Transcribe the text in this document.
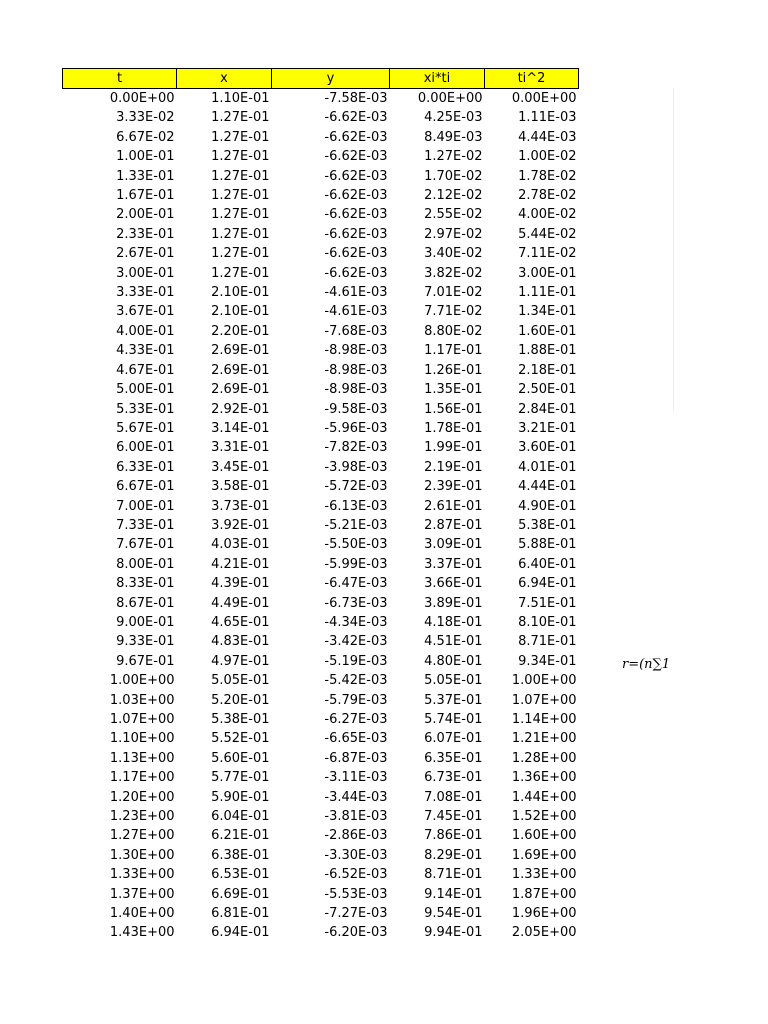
t	x	y	xi*ti	ti^2
0.00E+00	1.10E-01	-7.58E-03	0.00E+00	0.00E+00
3.33E-02	1.27E-01	-6.62E-03	4.25E-03	1.11E-03
6.67E-02	1.27E-01	-6.62E-03	8.49E-03	4.44E-03
1.00E-01	1.27E-01	-6.62E-03	1.27E-02	1.00E-02
1.33E-01	1.27E-01	-6.62E-03	1.70E-02	1.78E-02
1.67E-01	1.27E-01	-6.62E-03	2.12E-02	2.78E-02
2.00E-01	1.27E-01	-6.62E-03	2.55E-02	4.00E-02
2.33E-01	1.27E-01	-6.62E-03	2.97E-02	5.44E-02
2.67E-01	1.27E-01	-6.62E-03	3.40E-02	7.11E-02
3.00E-01	1.27E-01	-6.62E-03	3.82E-02	3.00E-01
3.33E-01	2.10E-01	-4.61E-03	7.01E-02	1.11E-01
3.67E-01	2.10E-01	-4.61E-03	7.71E-02	1.34E-01
4.00E-01	2.20E-01	-7.68E-03	8.80E-02	1.60E-01
4.33E-01	2.69E-01	-8.98E-03	1.17E-01	1.88E-01
4.67E-01	2.69E-01	-8.98E-03	1.26E-01	2.18E-01
5.00E-01	2.69E-01	-8.98E-03	1.35E-01	2.50E-01
5.33E-01	2.92E-01	-9.58E-03	1.56E-01	2.84E-01
5.67E-01	3.14E-01	-5.96E-03	1.78E-01	3.21E-01
6.00E-01	3.31E-01	-7.82E-03	1.99E-01	3.60E-01
6.33E-01	3.45E-01	-3.98E-03	2.19E-01	4.01E-01
6.67E-01	3.58E-01	-5.72E-03	2.39E-01	4.44E-01
7.00E-01	3.73E-01	-6.13E-03	2.61E-01	4.90E-01
7.33E-01	3.92E-01	-5.21E-03	2.87E-01	5.38E-01
7.67E-01	4.03E-01	-5.50E-03	3.09E-01	5.88E-01
8.00E-01	4.21E-01	-5.99E-03	3.37E-01	6.40E-01
8.33E-01	4.39E-01	-6.47E-03	3.66E-01	6.94E-01
8.67E-01	4.49E-01	-6.73E-03	3.89E-01	7.51E-01
9.00E-01	4.65E-01	-4.34E-03	4.18E-01	8.10E-01
9.33E-01	4.83E-01	-3.42E-03	4.51E-01	8.71E-01
9.67E-01	4.97E-01	-5.19E-03	4.80E-01	9.34E-01
1.00E+00	5.05E-01	-5.42E-03	5.05E-01	1.00E+00
1.03E+00	5.20E-01	-5.79E-03	5.37E-01	1.07E+00
1.07E+00	5.38E-01	-6.27E-03	5.74E-01	1.14E+00
1.10E+00	5.52E-01	-6.65E-03	6.07E-01	1.21E+00
1.13E+00	5.60E-01	-6.87E-03	6.35E-01	1.28E+00
1.17E+00	5.77E-01	-3.11E-03	6.73E-01	1.36E+00
1.20E+00	5.90E-01	-3.44E-03	7.08E-01	1.44E+00
1.23E+00	6.04E-01	-3.81E-03	7.45E-01	1.52E+00
1.27E+00	6.21E-01	-2.86E-03	7.86E-01	1.60E+00
1.30E+00	6.38E-01	-3.30E-03	8.29E-01	1.69E+00
1.33E+00	6.53E-01	-6.52E-03	8.71E-01	1.33E+00
1.37E+00	6.69E-01	-5.53E-03	9.14E-01	1.87E+00
1.40E+00	6.81E-01	-7.27E-03	9.54E-01	1.96E+00
1.43E+00	6.94E-01	-6.20E-03	9.94E-01	2.05E+00
r=(n∑1
